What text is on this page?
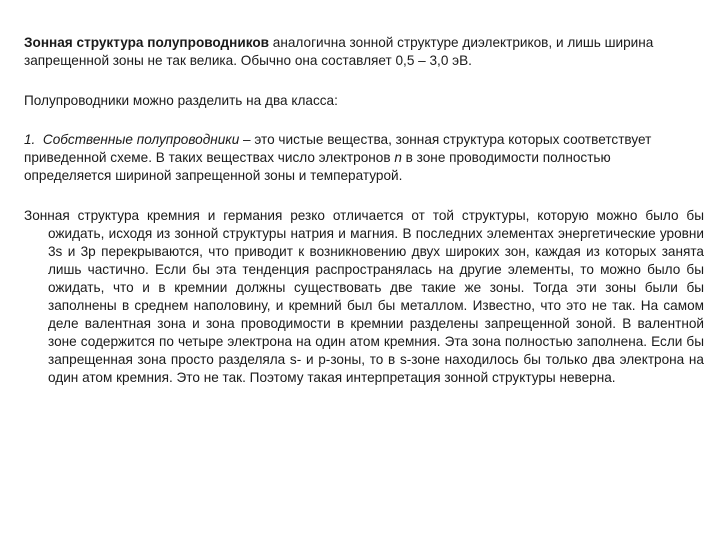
Зонная структура полупроводников аналогична зонной структуре диэлектриков, и лишь ширина запрещенной зоны не так велика. Обычно она составляет 0,5 – 3,0 эВ.

Полупроводники можно разделить на два класса:

1. Собственные полупроводники – это чистые вещества, зонная структура которых соответствует приведенной схеме. В таких веществах число электронов n в зоне проводимости полностью определяется шириной запрещенной зоны и температурой.

Зонная структура кремния и германия резко отличается от той структуры, которую можно было бы ожидать, исходя из зонной структуры натрия и магния. В последних элементах энергетические уровни 3s и 3p перекрываются, что приводит к возникновению двух широких зон, каждая из которых занята лишь частично. Если бы эта тенденция распространялась на другие элементы, то можно было бы ожидать, что и в кремнии должны существовать две такие же зоны. Тогда эти зоны были бы заполнены в среднем наполовину, и кремний был бы металлом. Известно, что это не так. На самом деле валентная зона и зона проводимости в кремнии разделены запрещенной зоной. В валентной зоне содержится по четыре электрона на один атом кремния. Эта зона полностью заполнена. Если бы запрещенная зона просто разделяла s- и p-зоны, то в s-зоне находилось бы только два электрона на один атом кремния. Это не так. Поэтому такая интерпретация зонной структуры неверна.
